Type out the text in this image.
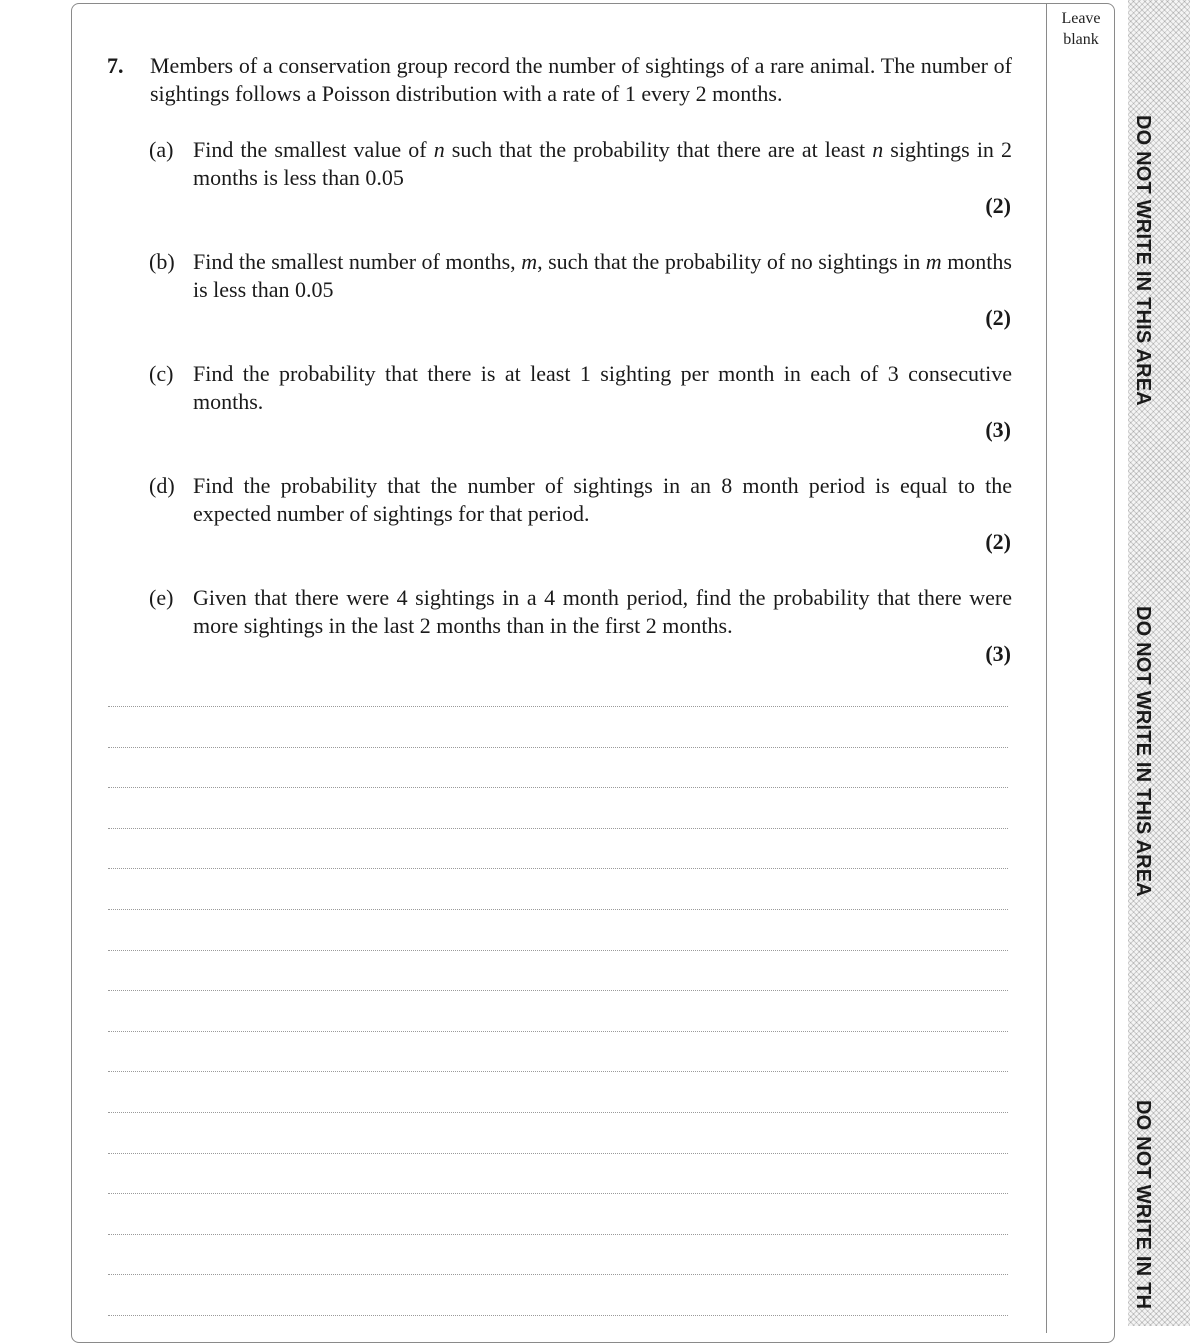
Leave
blank
DO NOT WRITE IN THIS AREA
DO NOT WRITE IN THIS AREA
DO NOT WRITE IN TH
7. Members of a conservation group record the number of sightings of a rare animal. The number of sightings follows a Poisson distribution with a rate of 1 every 2 months.
(a) Find the smallest value of n such that the probability that there are at least n sightings in 2 months is less than 0.05
(2)
(b) Find the smallest number of months, m, such that the probability of no sightings in m months is less than 0.05
(2)
(c) Find the probability that there is at least 1 sighting per month in each of 3 consecutive months.
(3)
(d) Find the probability that the number of sightings in an 8 month period is equal to the expected number of sightings for that period.
(2)
(e) Given that there were 4 sightings in a 4 month period, find the probability that there were more sightings in the last 2 months than in the first 2 months.
(3)
